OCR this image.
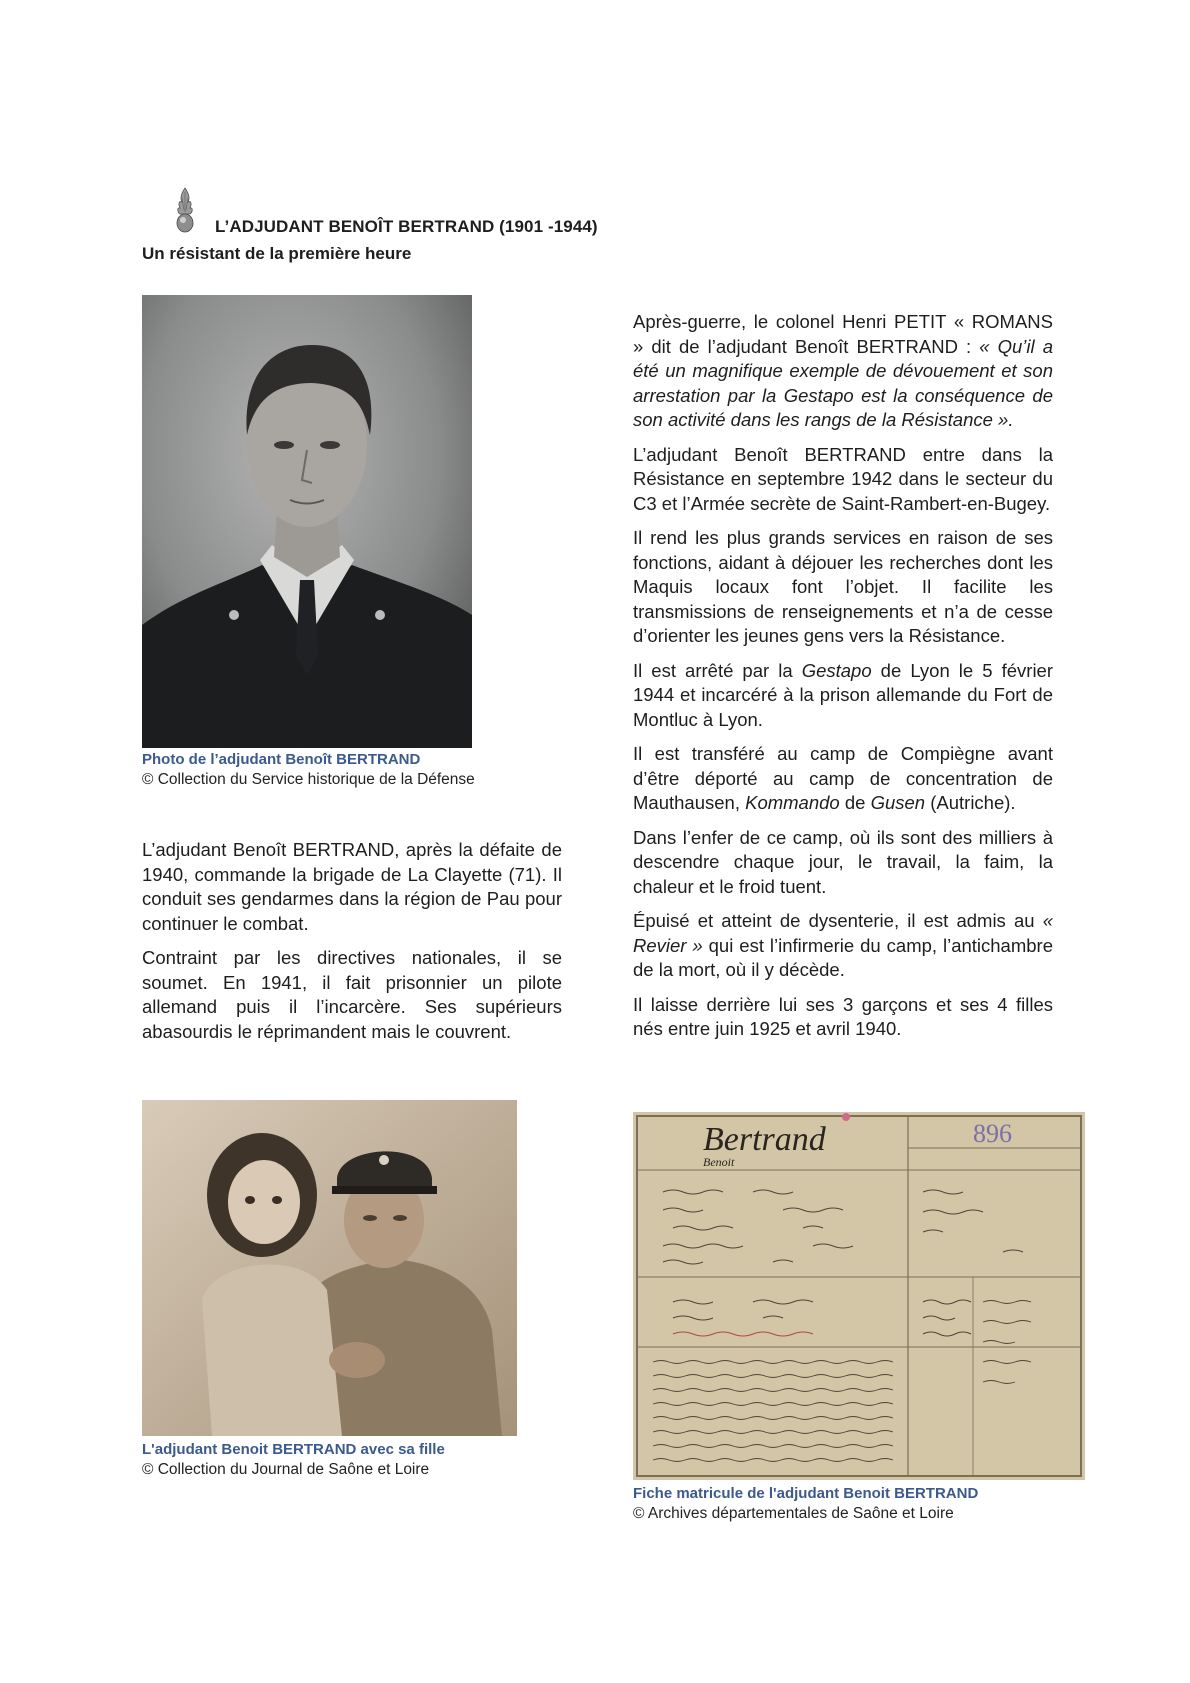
L’ADJUDANT BENOÎT BERTRAND (1901 -1944)
Un résistant de la première heure
Photo de l’adjudant Benoît BERTRAND
© Collection du Service historique de la Défense

L’adjudant Benoît BERTRAND, après la défaite de 1940, commande la brigade de La Clayette (71). Il conduit ses gendarmes dans la région de Pau pour continuer le combat.

Contraint par les directives nationales, il se soumet. En 1941, il fait prisonnier un pilote allemand puis il l’incarcère. Ses supérieurs abasourdis le réprimandent mais le couvrent.

Après-guerre, le colonel Henri PETIT « ROMANS » dit de l’adjudant Benoît BERTRAND : « Qu’il a été un magnifique exemple de dévouement et son arrestation par la Gestapo est la conséquence de son activité dans les rangs de la Résistance ».

L’adjudant Benoît BERTRAND entre dans la Résistance en septembre 1942 dans le secteur du C3 et l’Armée secrète de Saint-Rambert-en-Bugey.

Il rend les plus grands services en raison de ses fonctions, aidant à déjouer les recherches dont les Maquis locaux font l’objet. Il facilite les transmissions de renseignements et n’a de cesse d’orienter les jeunes gens vers la Résistance.

Il est arrêté par la Gestapo de Lyon le 5 février 1944 et incarcéré à la prison allemande du Fort de Montluc à Lyon.

Il est transféré au camp de Compiègne avant d’être déporté au camp de concentration de Mauthausen, Kommando de Gusen (Autriche).

Dans l’enfer de ce camp, où ils sont des milliers à descendre chaque jour, le travail, la faim, la chaleur et le froid tuent.

Épuisé et atteint de dysenterie, il est admis au « Revier » qui est l’infirmerie du camp, l’antichambre de la mort, où il y décède.

Il laisse derrière lui ses 3 garçons et ses 4 filles nés entre juin 1925 et avril 1940.

L'adjudant Benoit BERTRAND avec sa fille
© Collection du Journal de Saône et Loire
Bertrand
Benoit
896
Fiche matricule de l'adjudant Benoit BERTRAND
© Archives départementales de Saône et Loire
